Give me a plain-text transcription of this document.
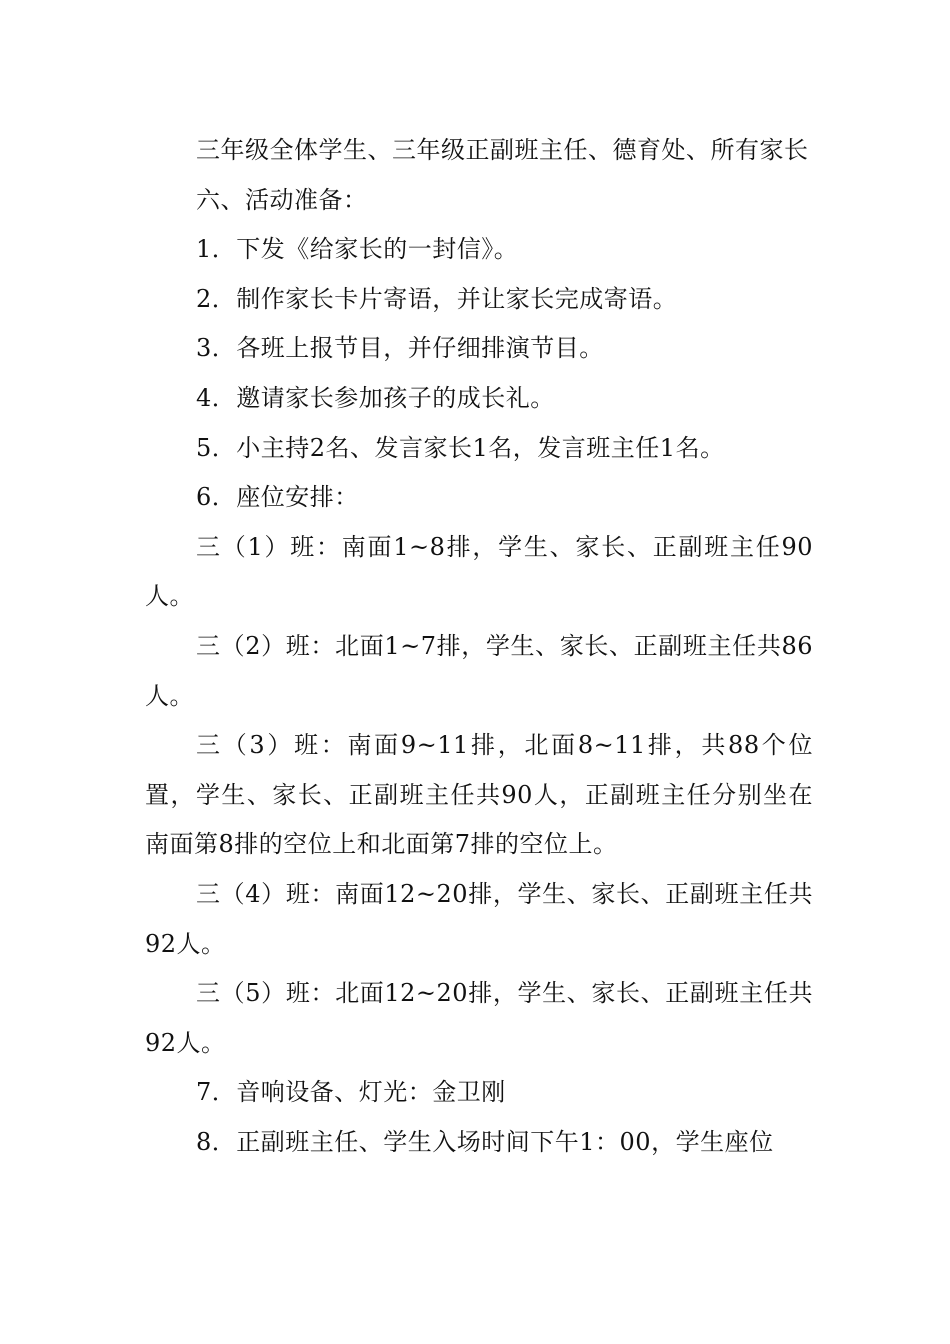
三年级全体学生、三年级正副班主任、德育处、所有家长

六、活动准备：

1．下发《给家长的一封信》。

2．制作家长卡片寄语，并让家长完成寄语。

3．各班上报节目，并仔细排演节目。

4．邀请家长参加孩子的成长礼。

5．小主持2名、发言家长1名，发言班主任1名。

6．座位安排：

三（1）班：南面1~8排，学生、家长、正副班主任90人。

三（2）班：北面1~7排，学生、家长、正副班主任共86人。

三（3）班：南面9~11排，北面8~11排，共88个位置，学生、家长、正副班主任共90人，正副班主任分别坐在南面第8排的空位上和北面第7排的空位上。

三（4）班：南面12~20排，学生、家长、正副班主任共92人。

三（5）班：北面12~20排，学生、家长、正副班主任共92人。

7．音响设备、灯光：金卫刚

8．正副班主任、学生入场时间下午1：00，学生座位
